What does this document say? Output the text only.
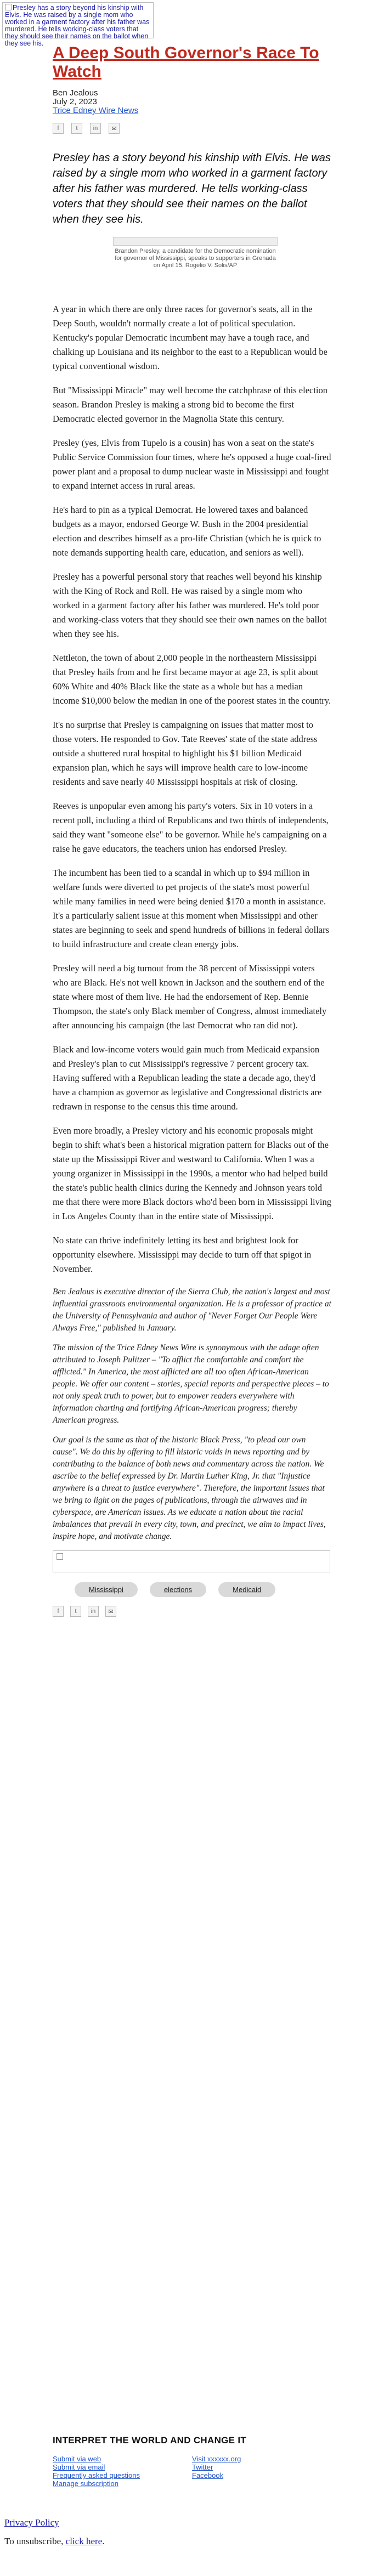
Presley has a story beyond his kinship with Elvis. He was raised by a single mom who worked in a garment factory after his father was murdered. He tells working-class voters that they should see their names on the ballot when they see his.
A Deep South Governor's Race To Watch
Ben Jealous
July 2, 2023
Trice Edney Wire News
f	t	in	✉
Presley has a story beyond his kinship with Elvis. He was raised by a single mom who worked in a garment factory after his father was murdered. He tells working-class voters that they should see their names on the ballot when they see his.

Brandon Presley, a candidate for the Democratic nomination for governor of Mississippi, speaks to supporters in Grenada on April 15. Rogelio V. Solis/AP

A year in which there are only three races for governor's seats, all in the Deep South, wouldn't normally create a lot of political speculation. Kentucky's popular Democratic incumbent may have a tough race, and chalking up Louisiana and its neighbor to the east to a Republican would be typical conventional wisdom.

But "Mississippi Miracle" may well become the catchphrase of this election season. Brandon Presley is making a strong bid to become the first Democratic elected governor in the Magnolia State this century.

Presley (yes, Elvis from Tupelo is a cousin) has won a seat on the state's Public Service Commission four times, where he's opposed a huge coal-fired power plant and a proposal to dump nuclear waste in Mississippi and fought to expand internet access in rural areas.

He's hard to pin as a typical Democrat. He lowered taxes and balanced budgets as a mayor, endorsed George W. Bush in the 2004 presidential election and describes himself as a pro-life Christian (which he is quick to note demands supporting health care, education, and seniors as well).

Presley has a powerful personal story that reaches well beyond his kinship with the King of Rock and Roll. He was raised by a single mom who worked in a garment factory after his father was murdered. He's told poor and working-class voters that they should see their own names on the ballot when they see his.

Nettleton, the town of about 2,000 people in the northeastern Mississippi that Presley hails from and he first became mayor at age 23, is split about 60% White and 40% Black like the state as a whole but has a median income $10,000 below the median in one of the poorest states in the country.

It's no surprise that Presley is campaigning on issues that matter most to those voters. He responded to Gov. Tate Reeves' state of the state address outside a shuttered rural hospital to highlight his $1 billion Medicaid expansion plan, which he says will improve health care to low-income residents and save nearly 40 Mississippi hospitals at risk of closing.

Reeves is unpopular even among his party's voters. Six in 10 voters in a recent poll, including a third of Republicans and two thirds of independents, said they want "someone else" to be governor. While he's campaigning on a raise he gave educators, the teachers union has endorsed Presley.

The incumbent has been tied to a scandal in which up to $94 million in welfare funds were diverted to pet projects of the state's most powerful while many families in need were being denied $170 a month in assistance. It's a particularly salient issue at this moment when Mississippi and other states are beginning to seek and spend hundreds of billions in federal dollars to build infrastructure and create clean energy jobs.

Presley will need a big turnout from the 38 percent of Mississippi voters who are Black. He's not well known in Jackson and the southern end of the state where most of them live. He had the endorsement of Rep. Bennie Thompson, the state's only Black member of Congress, almost immediately after announcing his campaign (the last Democrat who ran did not).

Black and low-income voters would gain much from Medicaid expansion and Presley's plan to cut Mississippi's regressive 7 percent grocery tax. Having suffered with a Republican leading the state a decade ago, they'd have a champion as governor as legislative and Congressional districts are redrawn in response to the census this time around.

Even more broadly, a Presley victory and his economic proposals might begin to shift what's been a historical migration pattern for Blacks out of the state up the Mississippi River and westward to California. When I was a young organizer in Mississippi in the 1990s, a mentor who had helped build the state's public health clinics during the Kennedy and Johnson years told me that there were more Black doctors who'd been born in Mississippi living in Los Angeles County than in the entire state of Mississippi.

No state can thrive indefinitely letting its best and brightest look for opportunity elsewhere. Mississippi may decide to turn off that spigot in November.

Ben Jealous is executive director of the Sierra Club, the nation's largest and most influential grassroots environmental organization. He is a professor of practice at the University of Pennsylvania and author of "Never Forget Our People Were Always Free," published in January.

The mission of the Trice Edney News Wire is synonymous with the adage often attributed to Joseph Pulitzer – "To afflict the comfortable and comfort the afflicted." In America, the most afflicted are all too often African-American people. We offer our content – stories, special reports and perspective pieces – to not only speak truth to power, but to empower readers everywhere with information charting and fortifying African-American progress; thereby American progress.

Our goal is the same as that of the historic Black Press, "to plead our own cause". We do this by offering to fill historic voids in news reporting and by contributing to the balance of both news and commentary across the nation. We ascribe to the belief expressed by Dr. Martin Luther King, Jr. that "Injustice anywhere is a threat to justice everywhere". Therefore, the important issues that we bring to light on the pages of publications, through the airwaves and in cyberspace, are American issues. As we educate a nation about the racial imbalances that prevail in every city, town, and precinct, we aim to impact lives, inspire hope, and motivate change.

Mississippi	elections	Medicaid
f	t	in	✉
INTERPRET THE WORLD AND CHANGE IT
Submit via web
Submit via email
Frequently asked questions
Manage subscription
Visit xxxxxx.org
Twitter
Facebook

Privacy Policy

To unsubscribe, click here.
